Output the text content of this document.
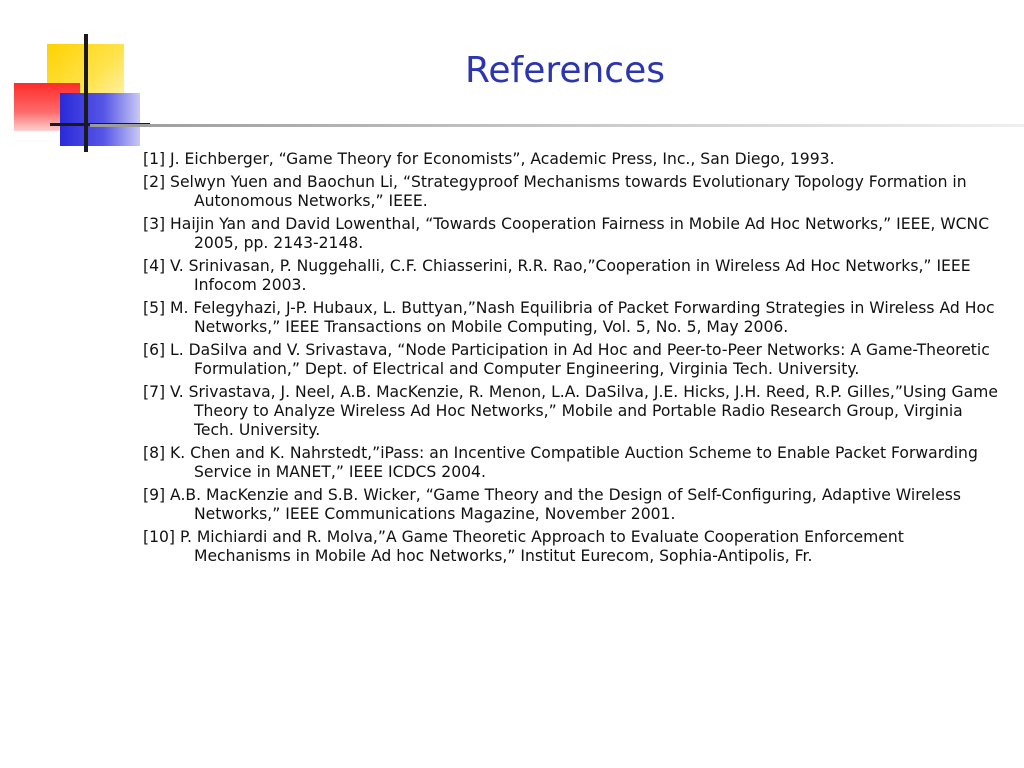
References
[1] J. Eichberger, “Game Theory for Economists”, Academic Press, Inc., San Diego, 1993.
[2] Selwyn Yuen and Baochun Li, “Strategyproof Mechanisms towards Evolutionary Topology Formation in Autonomous Networks,” IEEE.
[3] Haijin Yan and David Lowenthal, “Towards Cooperation Fairness in Mobile Ad Hoc Networks,” IEEE, WCNC 2005, pp. 2143-2148.
[4] V. Srinivasan, P. Nuggehalli, C.F. Chiasserini, R.R. Rao,”Cooperation in Wireless Ad Hoc Networks,” IEEE Infocom 2003.
[5] M. Felegyhazi, J-P. Hubaux, L. Buttyan,”Nash Equilibria of Packet Forwarding Strategies in Wireless Ad Hoc Networks,” IEEE Transactions on Mobile Computing, Vol. 5, No. 5, May 2006.
[6] L. DaSilva and V. Srivastava, “Node Participation in Ad Hoc and Peer-to-Peer Networks: A Game-Theoretic Formulation,” Dept. of Electrical and Computer Engineering, Virginia Tech. University.
[7] V. Srivastava, J. Neel, A.B. MacKenzie, R. Menon, L.A. DaSilva, J.E. Hicks, J.H. Reed, R.P. Gilles,”Using Game Theory to Analyze Wireless Ad Hoc Networks,” Mobile and Portable Radio Research Group, Virginia Tech. University.
[8] K. Chen and K. Nahrstedt,”iPass: an Incentive Compatible Auction Scheme to Enable Packet Forwarding Service in MANET,” IEEE ICDCS 2004.
[9] A.B. MacKenzie and S.B. Wicker, “Game Theory and the Design of Self-Configuring, Adaptive Wireless Networks,” IEEE Communications Magazine, November 2001.
[10] P. Michiardi and R. Molva,”A Game Theoretic Approach to Evaluate Cooperation Enforcement Mechanisms in Mobile Ad hoc Networks,” Institut Eurecom, Sophia-Antipolis, Fr.
